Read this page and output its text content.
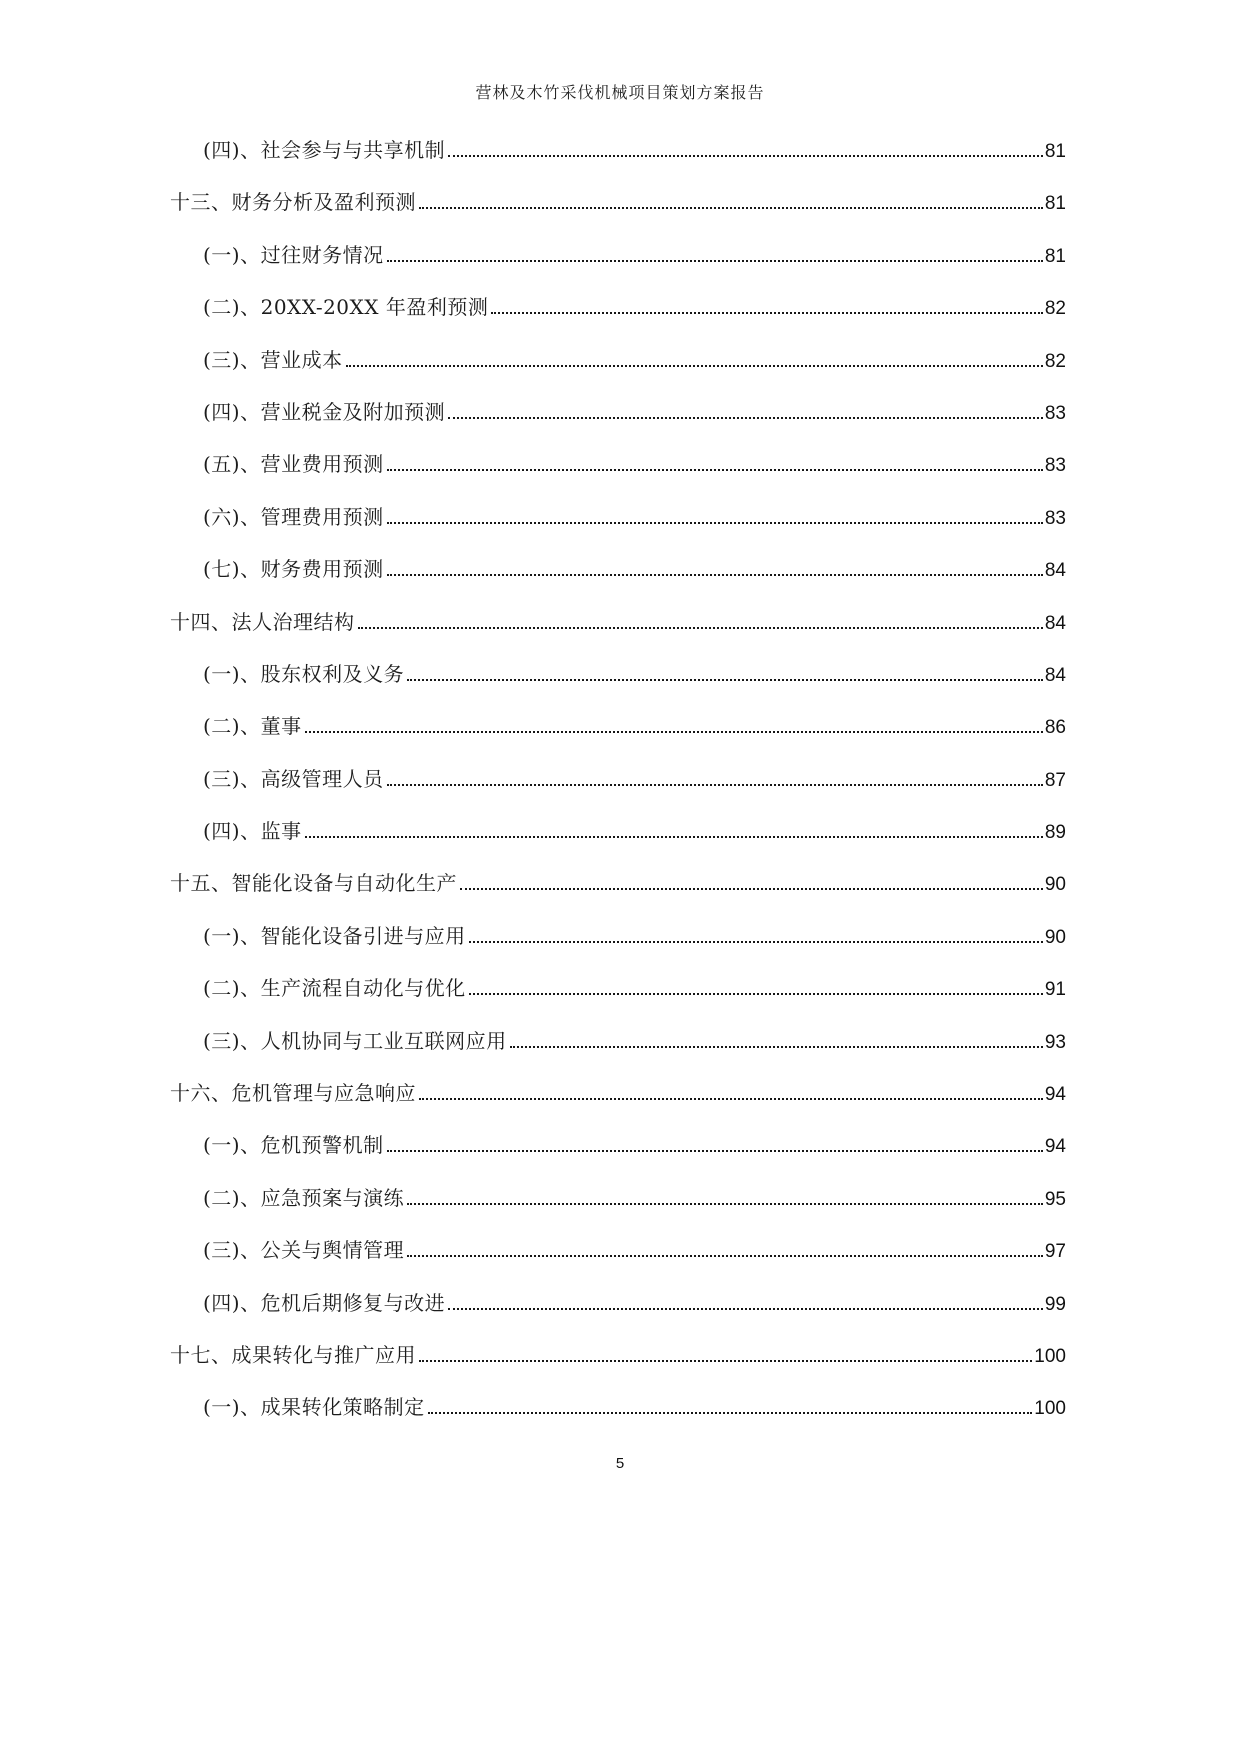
营林及木竹采伐机械项目策划方案报告
(四)、社会参与与共享机制	81
十三、财务分析及盈利预测	81
(一)、过往财务情况	81
(二)、20XX-20XX 年盈利预测	82
(三)、营业成本	82
(四)、营业税金及附加预测	83
(五)、营业费用预测	83
(六)、管理费用预测	83
(七)、财务费用预测	84
十四、法人治理结构	84
(一)、股东权利及义务	84
(二)、董事	86
(三)、高级管理人员	87
(四)、监事	89
十五、智能化设备与自动化生产	90
(一)、智能化设备引进与应用	90
(二)、生产流程自动化与优化	91
(三)、人机协同与工业互联网应用	93
十六、危机管理与应急响应	94
(一)、危机预警机制	94
(二)、应急预案与演练	95
(三)、公关与舆情管理	97
(四)、危机后期修复与改进	99
十七、成果转化与推广应用	100
(一)、成果转化策略制定	100
5
